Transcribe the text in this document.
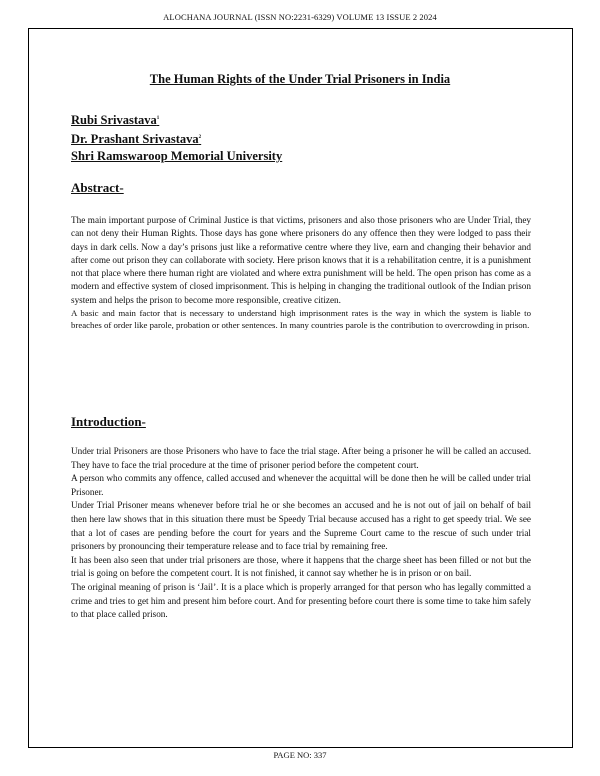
ALOCHANA JOURNAL (ISSN NO:2231-6329) VOLUME 13 ISSUE 2 2024
The Human Rights of the Under Trial Prisoners in India
Rubi Srivastava$^1$
Dr. Prashant Srivastava$^2$
Shri Ramswaroop Memorial University
Abstract-

The main important purpose of Criminal Justice is that victims, prisoners and also those prisoners who are Under Trial, they can not deny their Human Rights. Those days has gone where prisoners do any offence then they were lodged to pass their days in dark cells. Now a day’s prisons just like a reformative centre where they live, earn and changing their behavior and after come out prison they can collaborate with society. Here prison knows that it is a rehabilitation centre, it is a punishment not that place where there human right are violated and where extra punishment will be held. The open prison has come as a modern and effective system of closed imprisonment. This is helping in changing the traditional outlook of the Indian prison system and helps the prison to become more responsible, creative citizen.

A basic and main factor that is necessary to understand high imprisonment rates is the way in which the system is liable to breaches of order like parole, probation or other sentences. In many countries parole is the contribution to overcrowding in prison.

Introduction-

Under trial Prisoners are those Prisoners who have to face the trial stage. After being a prisoner he will be called an accused. They have to face the trial procedure at the time of prisoner period before the competent court.

A person who commits any offence, called accused and whenever the acquittal will be done then he will be called under trial Prisoner.

Under Trial Prisoner means whenever before trial he or she becomes an accused and he is not out of jail on behalf of bail then here law shows that in this situation there must be Speedy Trial because accused has a right to get speedy trial. We see that a lot of cases are pending before the court for years and the Supreme Court came to the rescue of such under trial prisoners by pronouncing their temperature release and to face trial by remaining free.

It has been also seen that under trial prisoners are those, where it happens that the charge sheet has been filled or not but the trial is going on before the competent court. It is not finished, it cannot say whether he is in prison or on bail.

The original meaning of prison is ‘Jail’. It is a place which is properly arranged for that person who has legally committed a crime and tries to get him and present him before court. And for presenting before court there is some time to take him safely to that place called prison.

PAGE NO: 337
